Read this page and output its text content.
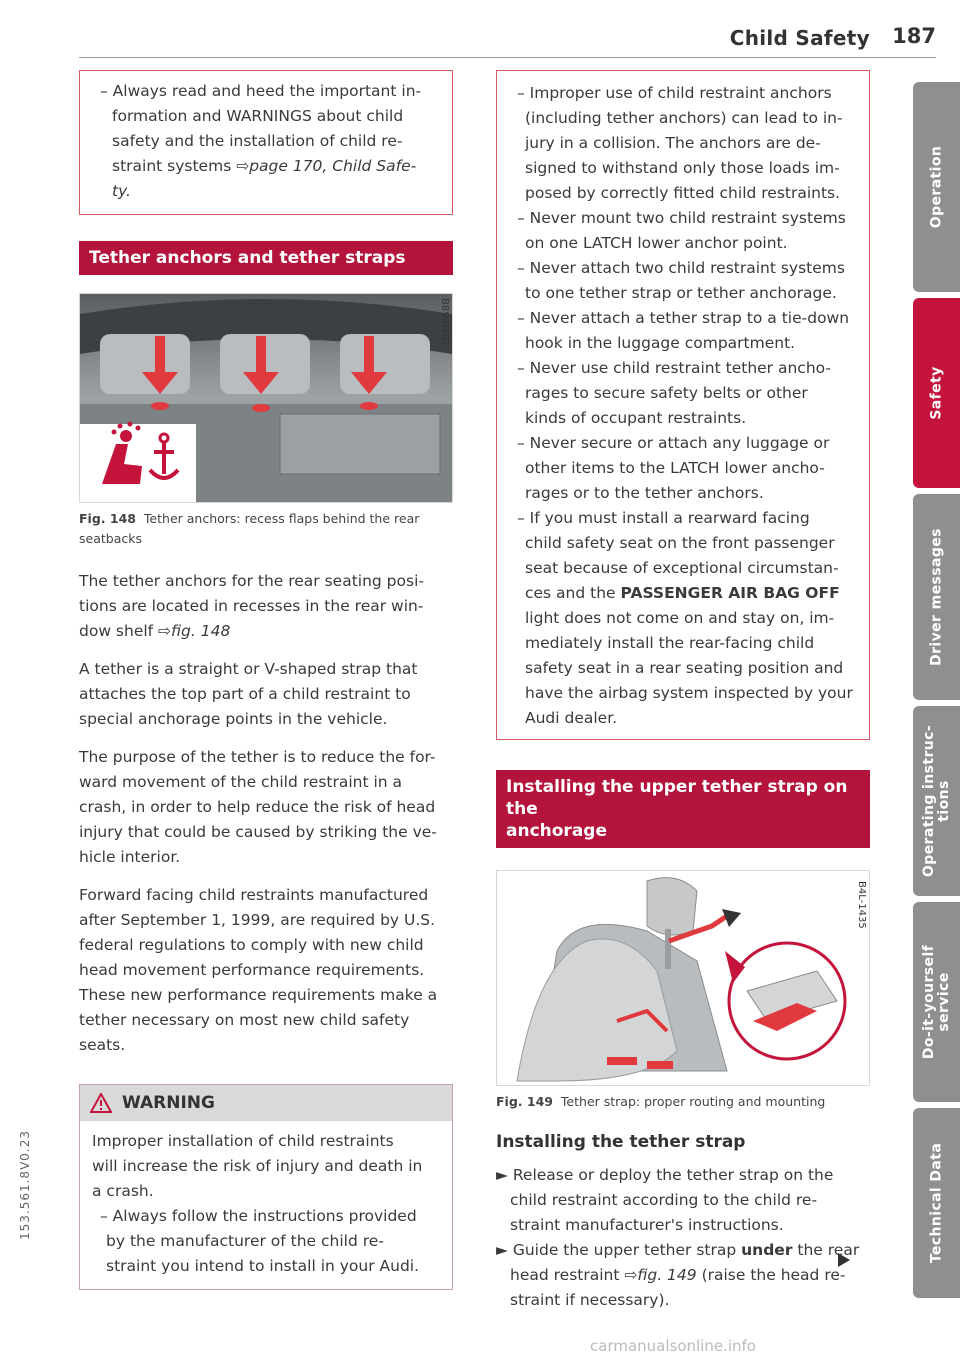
Child Safety 187
– Always read and heed the important in-
formation and WARNINGS about child
safety and the installation of child re-
straint systems ⇨page 170, Child Safe-
ty.
Tether anchors and tether straps
B8V-0407
Fig. 148 Tether anchors: recess flaps behind the rear seatbacks
The tether anchors for the rear seating posi-
tions are located in recesses in the rear win-
dow shelf ⇨fig. 148
A tether is a straight or V-shaped strap that
attaches the top part of a child restraint to
special anchorage points in the vehicle.
The purpose of the tether is to reduce the for-
ward movement of the child restraint in a
crash, in order to help reduce the risk of head
injury that could be caused by striking the ve-
hicle interior.
Forward facing child restraints manufactured
after September 1, 1999, are required by U.S.
federal regulations to comply with new child
head movement performance requirements.
These new performance requirements make a
tether necessary on most new child safety
seats.
WARNING
Improper installation of child restraints
will increase the risk of injury and death in
a crash.
– Always follow the instructions provided
by the manufacturer of the child re-
straint you intend to install in your Audi.
– Improper use of child restraint anchors
(including tether anchors) can lead to in-
jury in a collision. The anchors are de-
signed to withstand only those loads im-
posed by correctly fitted child restraints.
– Never mount two child restraint systems
on one LATCH lower anchor point.
– Never attach two child restraint systems
to one tether strap or tether anchorage.
– Never attach a tether strap to a tie-down
hook in the luggage compartment.
– Never use child restraint tether ancho-
rages to secure safety belts or other
kinds of occupant restraints.
– Never secure or attach any luggage or
other items to the LATCH lower ancho-
rages or to the tether anchors.
– If you must install a rearward facing
child safety seat on the front passenger
seat because of exceptional circumstan-
ces and the PASSENGER AIR BAG OFF
light does not come on and stay on, im-
mediately install the rear-facing child
safety seat in a rear seating position and
have the airbag system inspected by your
Audi dealer.
Installing the upper tether strap on the
anchorage
B4L-1435
Fig. 149 Tether strap: proper routing and mounting
Installing the tether strap
► Release or deploy the tether strap on the
child restraint according to the child re-
straint manufacturer's instructions.
► Guide the upper tether strap under the rear
head restraint ⇨fig. 149 (raise the head re-
straint if necessary).
Operation
Safety
Driver messages
Operating instruc- tions
Do-it-yourself service
Technical Data
153.561.8V0.23
carmanualsonline.info
